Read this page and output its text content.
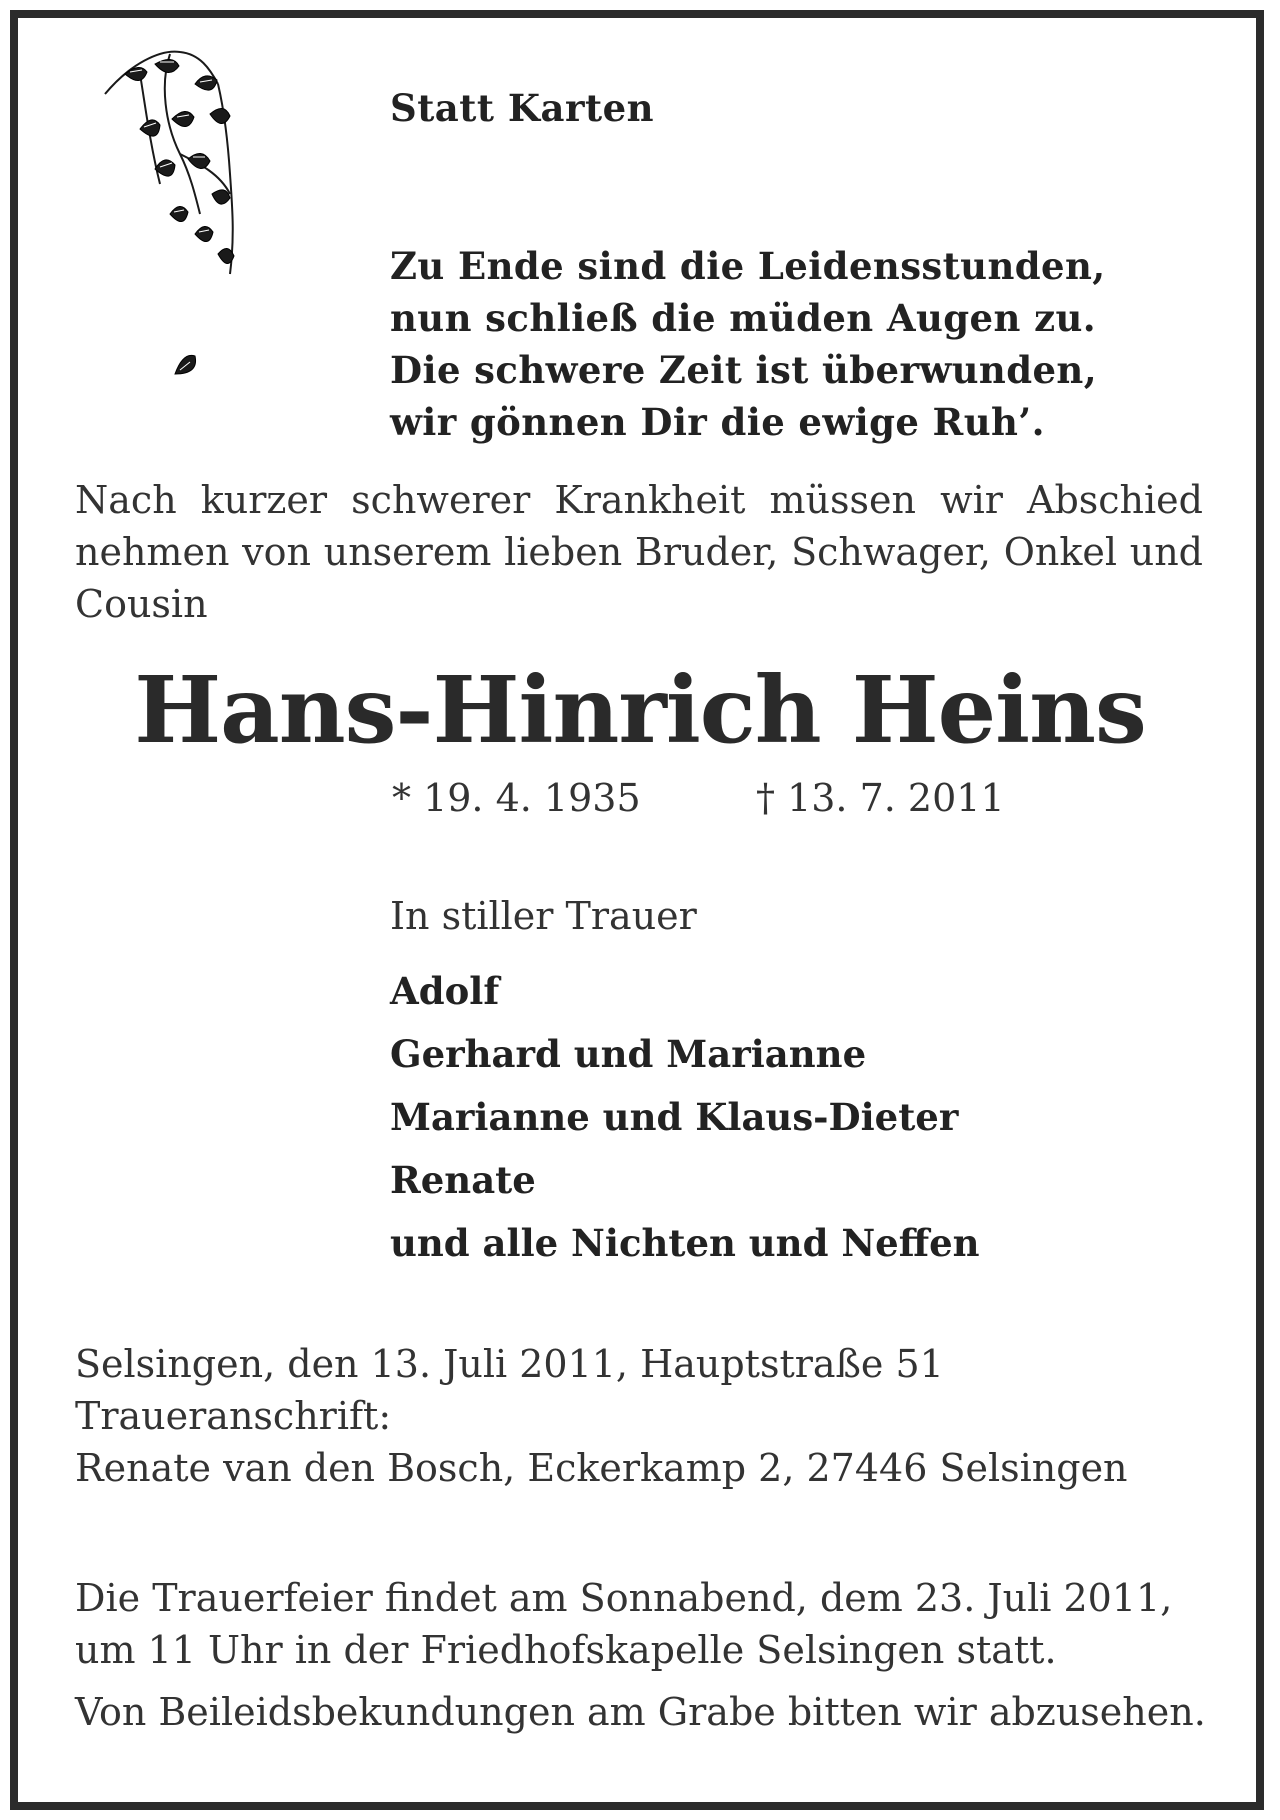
Statt Karten
Zu Ende sind die Leidensstunden,
nun schließ die müden Augen zu.
Die schwere Zeit ist überwunden,
wir gönnen Dir die ewige Ruh’.
Nach kurzer schwerer Krankheit müssen wir Abschied nehmen von unserem lieben Bruder, Schwager, Onkel und Cousin
Hans-Hinrich Heins
* 19. 4. 1935	† 13. 7. 2011
In stiller Trauer
Adolf
Gerhard und Marianne
Marianne und Klaus-Dieter
Renate
und alle Nichten und Neffen
Selsingen, den 13. Juli 2011, Hauptstraße 51
Traueranschrift:
Renate van den Bosch, Eckerkamp 2, 27446 Selsingen
Die Trauerfeier findet am Sonnabend, dem 23. Juli 2011,
um 11 Uhr in der Friedhofskapelle Selsingen statt.
Von Beileidsbekundungen am Grabe bitten wir abzusehen.
